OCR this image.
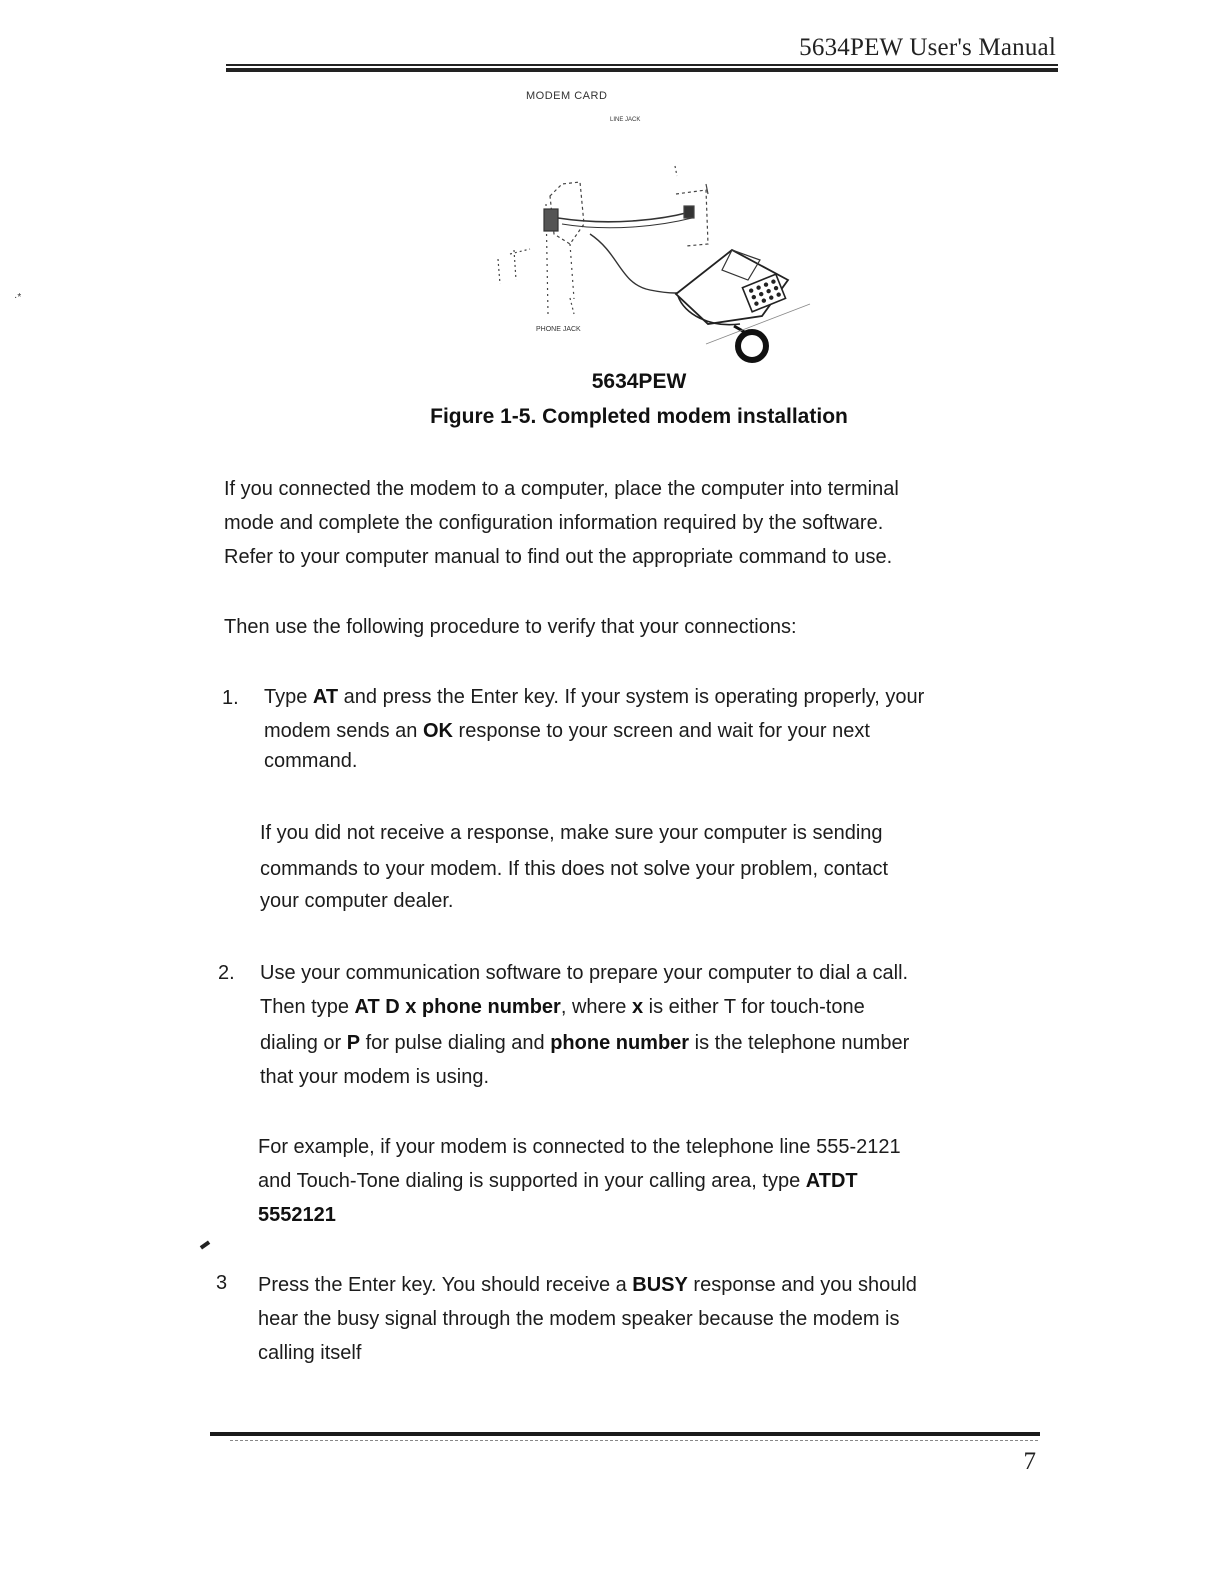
5634PEW User's Manual
·*
MODEM CARD
LINE JACK
PHONE JACK
5634PEW
Figure 1-5. Completed modem installation

If you connected the modem to a computer, place the computer into terminal

mode and complete the configuration information required by the software.

Refer to your computer manual to find out the appropriate command to use.

Then use the following procedure to verify that your connections:

1. Type AT and press the Enter key. If your system is operating properly, your

modem sends an OK response to your screen and wait for your next

command.

If you did not receive a response, make sure your computer is sending

commands to your modem. If this does not solve your problem, contact

your computer dealer.

2. Use your communication software to prepare your computer to dial a call.

Then type AT D x phone number, where x is either T for touch-tone

dialing or P for pulse dialing and phone number is the telephone number

that your modem is using.

For example, if your modem is connected to the telephone line 555-2121

and Touch-Tone dialing is supported in your calling area, type ATDT

5552121

3 Press the Enter key. You should receive a BUSY response and you should

hear the busy signal through the modem speaker because the modem is

calling itself

7
